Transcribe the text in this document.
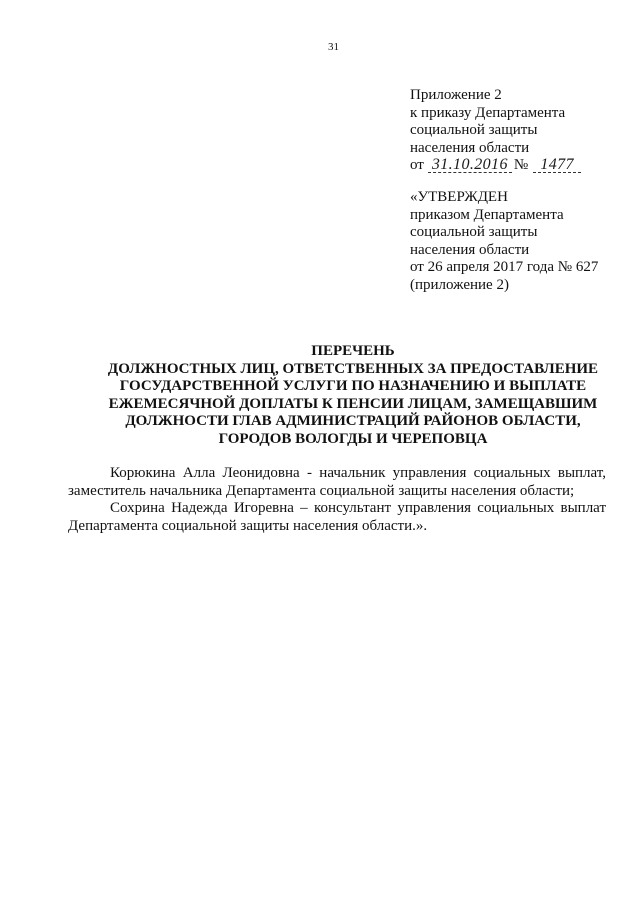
31
Приложение 2
к приказу Департамента
социальной защиты
населения области
от 31.10.2016 № 1477
«УТВЕРЖДЕН
приказом Департамента
социальной защиты
населения области
от 26 апреля 2017 года № 627
(приложение 2)
ПЕРЕЧЕНЬ
ДОЛЖНОСТНЫХ ЛИЦ, ОТВЕТСТВЕННЫХ ЗА ПРЕДОСТАВЛЕНИЕ
ГОСУДАРСТВЕННОЙ УСЛУГИ ПО НАЗНАЧЕНИЮ И ВЫПЛАТЕ
ЕЖЕМЕСЯЧНОЙ ДОПЛАТЫ К ПЕНСИИ ЛИЦАМ, ЗАМЕЩАВШИМ
ДОЛЖНОСТИ ГЛАВ АДМИНИСТРАЦИЙ РАЙОНОВ ОБЛАСТИ,
ГОРОДОВ ВОЛОГДЫ И ЧЕРЕПОВЦА
Корюкина Алла Леонидовна - начальник управления социальных выплат,
заместитель начальника Департамента социальной защиты населения области;
Сохрина Надежда Игоревна – консультант управления социальных выплат
Департамента социальной защиты населения области.».
